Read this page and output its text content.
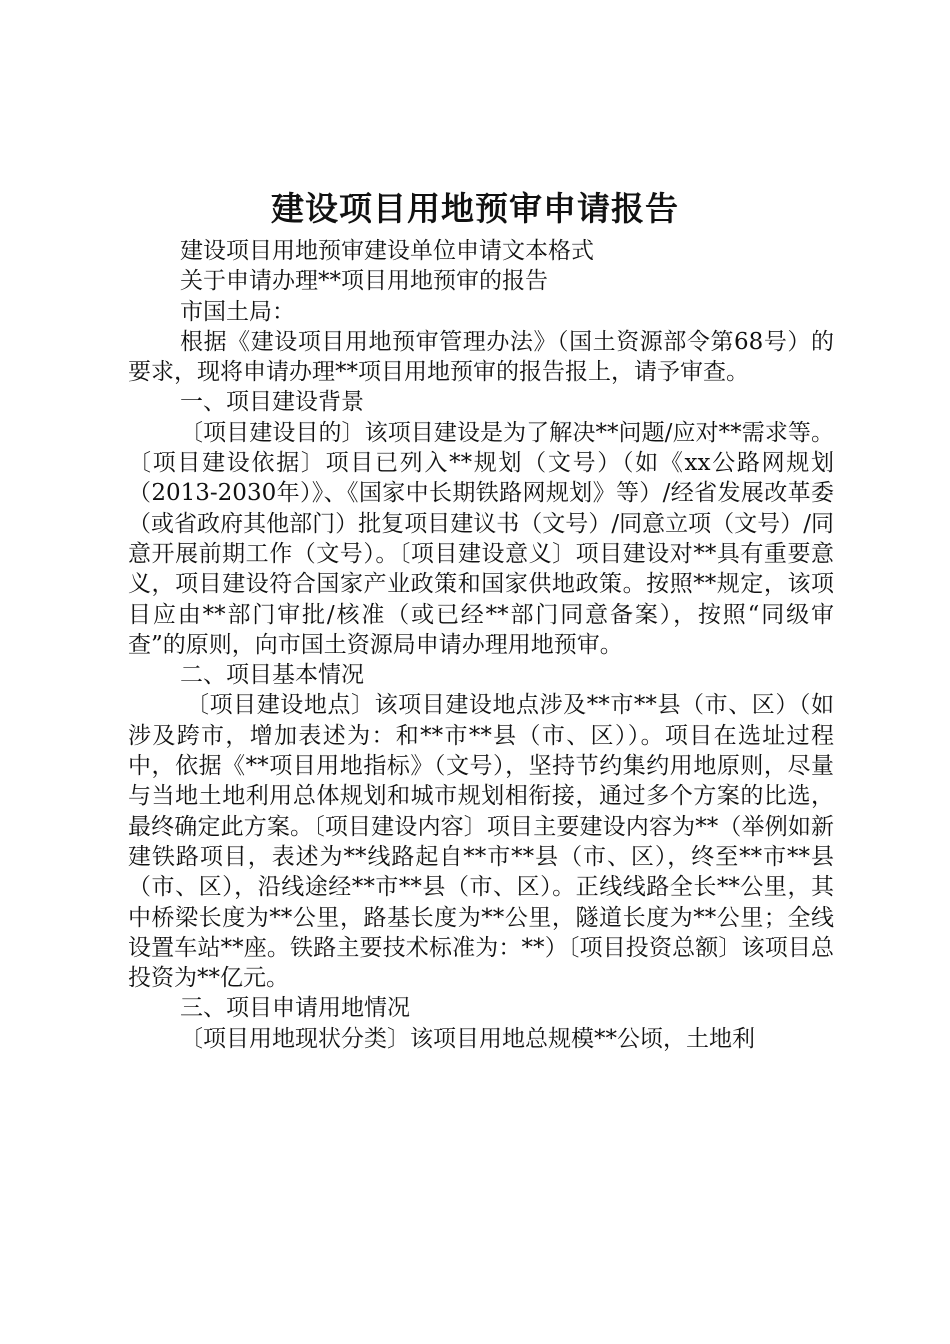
建设项目用地预审申请报告

建设项目用地预审建设单位申请文本格式

关于申请办理**项目用地预审的报告

市国土局：

根据《建设项目用地预审管理办法》（国土资源部令第68号）的要求，现将申请办理**项目用地预审的报告报上，请予审查。

一、项目建设背景

〔项目建设目的〕该项目建设是为了解决**问题/应对**需求等。〔项目建设依据〕项目已列入**规划（文号）（如《xx公路网规划（2013-2030年）》、《国家中长期铁路网规划》等）/经省发展改革委（或省政府其他部门）批复项目建议书（文号）/同意立项（文号）/同意开展前期工作（文号）。〔项目建设意义〕项目建设对**具有重要意义，项目建设符合国家产业政策和国家供地政策。按照**规定，该项目应由**部门审批/核准（或已经**部门同意备案），按照“同级审查”的原则，向市国土资源局申请办理用地预审。

二、项目基本情况

〔项目建设地点〕该项目建设地点涉及**市**县（市、区）（如涉及跨市，增加表述为：和**市**县（市、区））。项目在选址过程中，依据《**项目用地指标》（文号），坚持节约集约用地原则，尽量与当地土地利用总体规划和城市规划相衔接，通过多个方案的比选，最终确定此方案。〔项目建设内容〕项目主要建设内容为**（举例如新建铁路项目，表述为**线路起自**市**县（市、区），终至**市**县（市、区），沿线途经**市**县（市、区）。正线线路全长**公里，其中桥梁长度为**公里，路基长度为**公里，隧道长度为**公里；全线设置车站**座。铁路主要技术标准为：**）〔项目投资总额〕该项目总投资为**亿元。

三、项目申请用地情况

〔项目用地现状分类〕该项目用地总规模**公顷，土地利
